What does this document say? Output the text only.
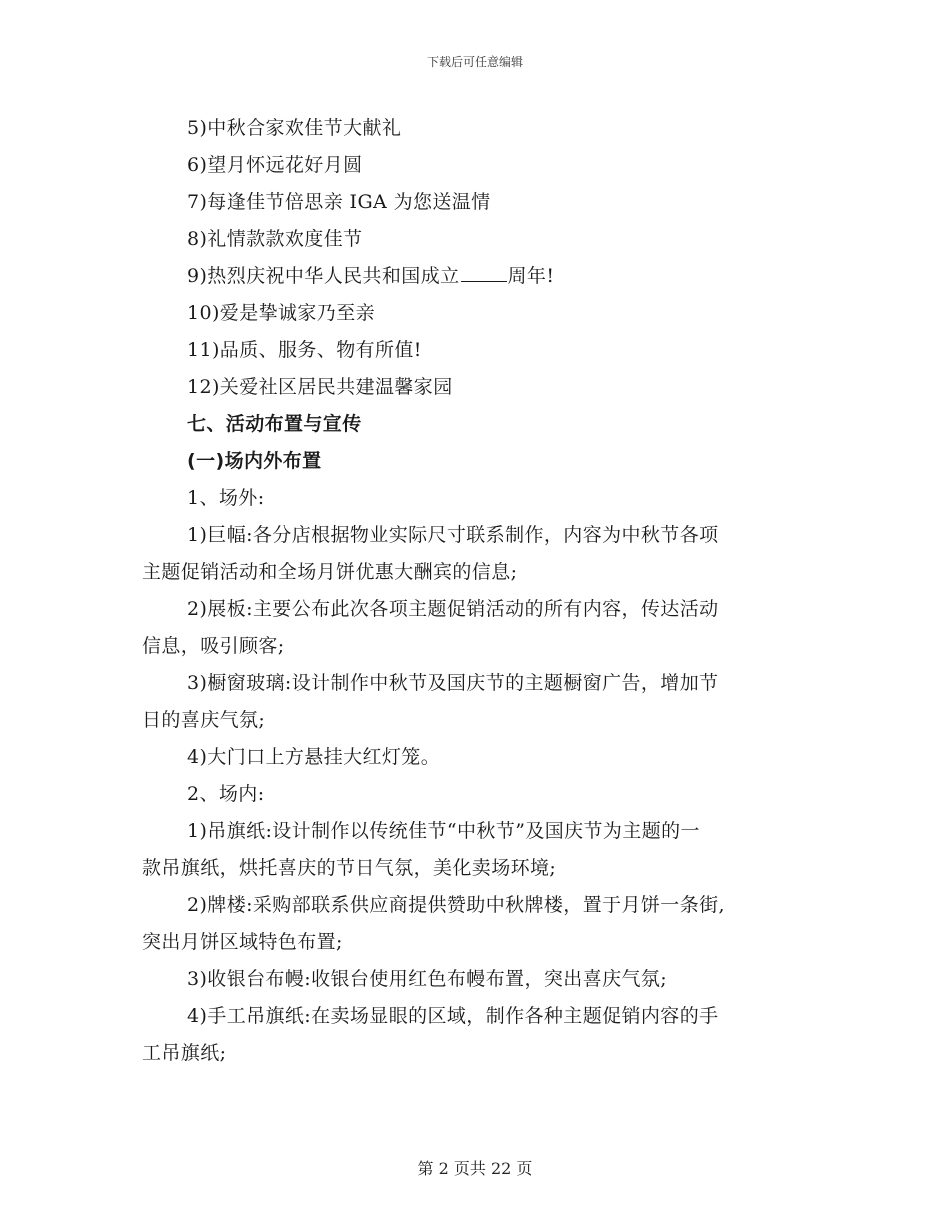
下载后可任意编辑
5)中秋合家欢佳节大献礼
6)望月怀远花好月圆
7)每逢佳节倍思亲 IGA 为您送温情
8)礼情款款欢度佳节
9)热烈庆祝中华人民共和国成立	周年!
10)爱是挚诚家乃至亲
11)品质、服务、物有所值!
12)关爱社区居民共建温馨家园
七、活动布置与宣传
(一)场内外布置
1、场外:
1)巨幅:各分店根据物业实际尺寸联系制作，内容为中秋节各项
主题促销活动和全场月饼优惠大酬宾的信息;
2)展板:主要公布此次各项主题促销活动的所有内容，传达活动
信息，吸引顾客;
3)橱窗玻璃:设计制作中秋节及国庆节的主题橱窗广告，增加节
日的喜庆气氛;
4)大门口上方悬挂大红灯笼。
2、场内:
1)吊旗纸:设计制作以传统佳节“中秋节”及国庆节为主题的一
款吊旗纸，烘托喜庆的节日气氛，美化卖场环境;
2)牌楼:采购部联系供应商提供赞助中秋牌楼，置于月饼一条街,
突出月饼区域特色布置;
3)收银台布幔:收银台使用红色布幔布置，突出喜庆气氛;
4)手工吊旗纸:在卖场显眼的区域，制作各种主题促销内容的手
工吊旗纸;
第 2 页共 22 页
